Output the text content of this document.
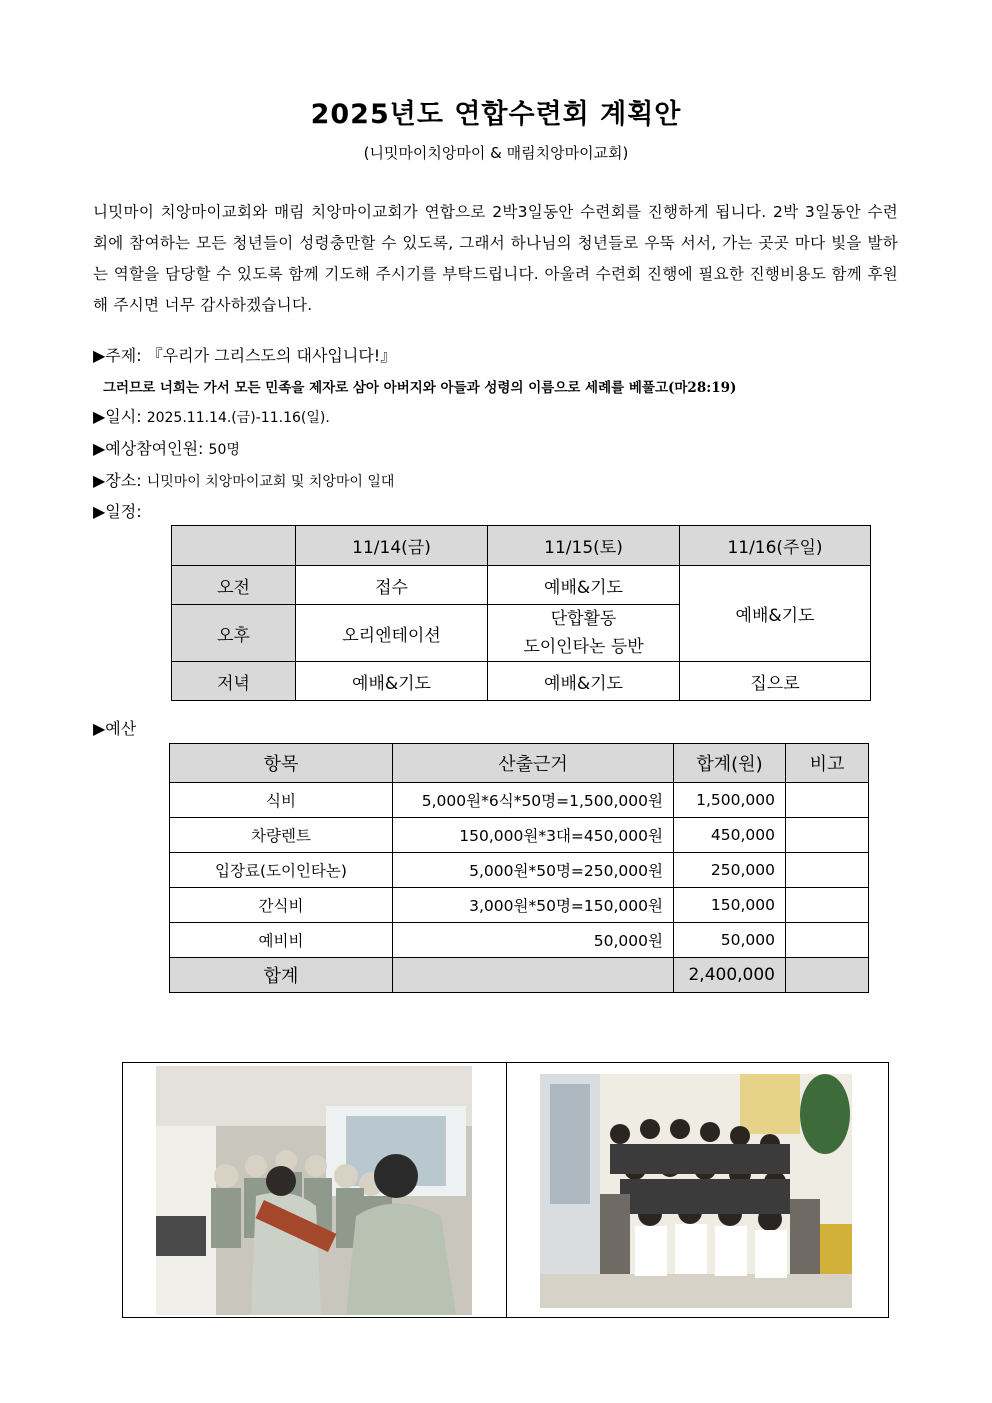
2025년도 연합수련회 계획안
(니밋마이치앙마이 & 매림치앙마이교회)
니밋마이 치앙마이교회와 매림 치앙마이교회가 연합으로 2박3일동안 수련회를 진행하게 됩니다. 2박 3일동안 수련회에 참여하는 모든 청년들이 성령충만할 수 있도록, 그래서 하나님의 청년들로 우뚝 서서, 가는 곳곳 마다 빛을 발하는 역할을 담당할 수 있도록 함께 기도해 주시기를 부탁드립니다. 아울려 수련회 진행에 필요한 진행비용도 함께 후원해 주시면 너무 감사하겠습니다.
▶주제: 『우리가 그리스도의 대사입니다!』
그러므로 너희는 가서 모든 민족을 제자로 삼아 아버지와 아들과 성령의 이름으로 세례를 베풀고(마28:19)
▶일시: 2025.11.14.(금)-11.16(일).
▶예상참여인원: 50명
▶장소: 니밋마이 치앙마이교회 및 치앙마이 일대
▶일정:
	11/14(금)	11/15(토)	11/16(주일)
오전	접수	예배&기도	예배&기도
오후	오리엔테이션	단합활동
도이인타논 등반	

저녁	예배&기도	예배&기도	집으로
▶예산
항목	산출근거	합계(원)	비고
식비	5,000원*6식*50명=1,500,000원	1,500,000	
차량렌트	150,000원*3대=450,000원	450,000	
입장료(도이인타논)	5,000원*50명=250,000원	250,000	
간식비	3,000원*50명=150,000원	150,000	
예비비	50,000원	50,000	
합계		2,400,000	
